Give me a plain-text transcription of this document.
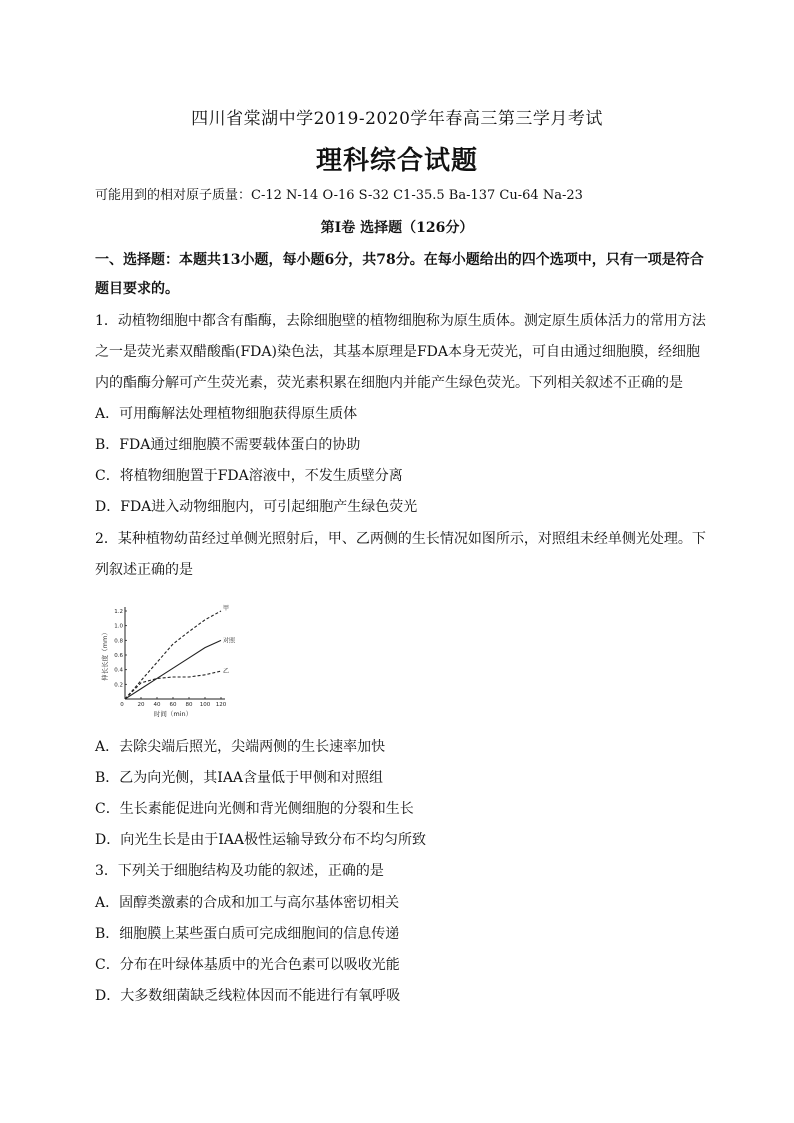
四川省棠湖中学2019-2020学年春高三第三学月考试
理科综合试题
可能用到的相对原子质量：C-12 N-14 O-16 S-32 C1-35.5 Ba-137 Cu-64 Na-23
第Ⅰ卷 选择题（126分）
一、选择题：本题共13小题，每小题6分，共78分。在每小题给出的四个选项中，只有一项是符合题目要求的。
1．动植物细胞中都含有酯酶，去除细胞壁的植物细胞称为原生质体。测定原生质体活力的常用方法
之一是荧光素双醋酸酯(FDA)染色法，其基本原理是FDA本身无荧光，可自由通过细胞膜，经细胞
内的酯酶分解可产生荧光素，荧光素积累在细胞内并能产生绿色荧光。下列相关叙述不正确的是
A．可用酶解法处理植物细胞获得原生质体
B．FDA通过细胞膜不需要载体蛋白的协助
C．将植物细胞置于FDA溶液中，不发生质壁分离
D．FDA进入动物细胞内，可引起细胞产生绿色荧光
2．某种植物幼苗经过单侧光照射后，甲、乙两侧的生长情况如图所示，对照组未经单侧光处理。下
列叙述正确的是
20 40 60 80 100 120
0.2
0.4
0.6
0.8
1.0
1.2
0
时间（min）
伸长长度（mm）
甲
对照
乙
A．去除尖端后照光，尖端两侧的生长速率加快
B．乙为向光侧，其IAA含量低于甲侧和对照组
C．生长素能促进向光侧和背光侧细胞的分裂和生长
D．向光生长是由于IAA极性运输导致分布不均匀所致
3．下列关于细胞结构及功能的叙述，正确的是
A．固醇类激素的合成和加工与高尔基体密切相关
B．细胞膜上某些蛋白质可完成细胞间的信息传递
C．分布在叶绿体基质中的光合色素可以吸收光能
D．大多数细菌缺乏线粒体因而不能进行有氧呼吸
